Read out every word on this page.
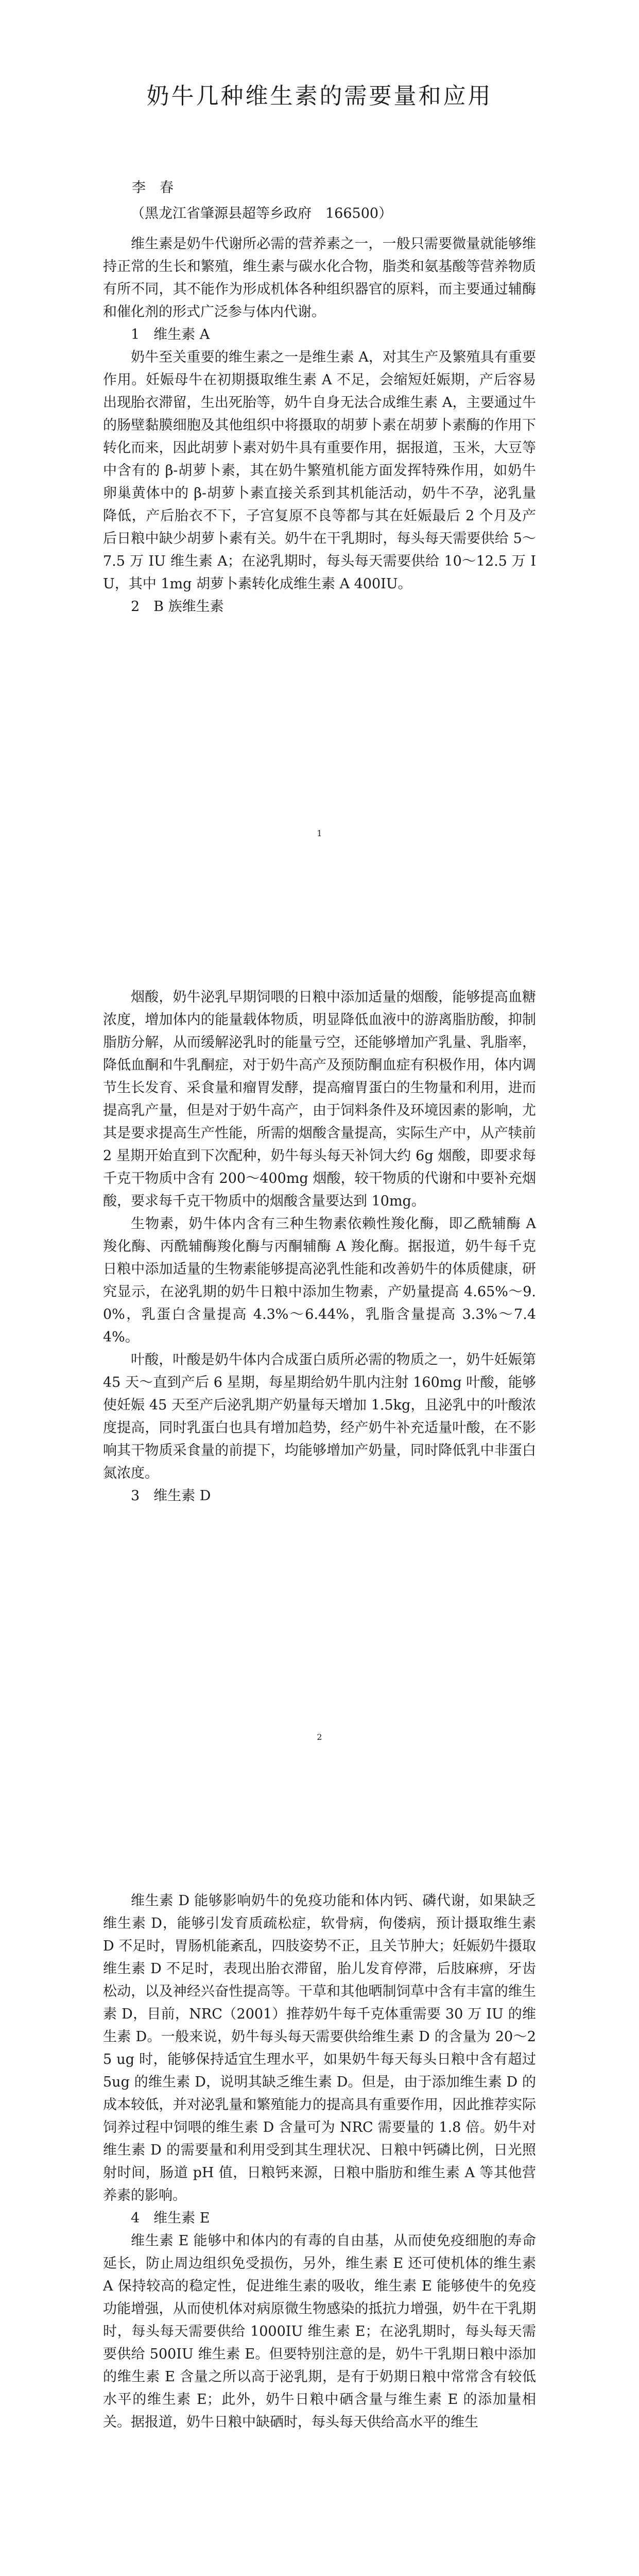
奶牛几种维生素的需要量和应用
李　春
（黑龙江省肇源县超等乡政府　166500）

维生素是奶牛代谢所必需的营养素之一，一般只需要微量就能够维持正常的生长和繁殖，维生素与碳水化合物，脂类和氨基酸等营养物质有所不同，其不能作为形成机体各种组织器官的原料，而主要通过辅酶和催化剂的形式广泛参与体内代谢。

1　维生素 A

奶牛至关重要的维生素之一是维生素 A，对其生产及繁殖具有重要作用。妊娠母牛在初期摄取维生素 A 不足，会缩短妊娠期，产后容易出现胎衣滞留，生出死胎等，奶牛自身无法合成维生素 A，主要通过牛的肠壁黏膜细胞及其他组织中将摄取的胡萝卜素在胡萝卜素酶的作用下转化而来，因此胡萝卜素对奶牛具有重要作用，据报道，玉米，大豆等中含有的 β-胡萝卜素，其在奶牛繁殖机能方面发挥特殊作用，如奶牛卵巢黄体中的 β-胡萝卜素直接关系到其机能活动，奶牛不孕，泌乳量降低，产后胎衣不下，子宫复原不良等都与其在妊娠最后 2 个月及产后日粮中缺少胡萝卜素有关。奶牛在干乳期时，每头每天需要供给 5～7.5 万 IU 维生素 A；在泌乳期时，每头每天需要供给 10～12.5 万 IU，其中 1mg 胡萝卜素转化成维生素 A 400IU。

2　B 族维生素

1

烟酸，奶牛泌乳早期饲喂的日粮中添加适量的烟酸，能够提高血糖浓度，增加体内的能量载体物质，明显降低血液中的游离脂肪酸，抑制脂肪分解，从而缓解泌乳时的能量亏空，还能够增加产乳量、乳脂率，降低血酮和牛乳酮症，对于奶牛高产及预防酮血症有积极作用，体内调节生长发育、采食量和瘤胃发酵，提高瘤胃蛋白的生物量和利用，进而提高乳产量，但是对于奶牛高产，由于饲料条件及环境因素的影响，尤其是要求提高生产性能，所需的烟酸含量提高，实际生产中，从产犊前 2 星期开始直到下次配种，奶牛每头每天补饲大约 6g 烟酸，即要求每千克干物质中含有 200～400mg 烟酸，较干物质的代谢和中要补充烟酸，要求每千克干物质中的烟酸含量要达到 10mg。

生物素，奶牛体内含有三种生物素依赖性羧化酶，即乙酰辅酶 A 羧化酶、丙酰辅酶羧化酶与丙酮辅酶 A 羧化酶。据报道，奶牛每千克日粮中添加适量的生物素能够提高泌乳性能和改善奶牛的体质健康，研究显示，在泌乳期的奶牛日粮中添加生物素，产奶量提高 4.65%～9.0%，乳蛋白含量提高 4.3%～6.44%，乳脂含量提高 3.3%～7.44%。

叶酸，叶酸是奶牛体内合成蛋白质所必需的物质之一，奶牛妊娠第 45 天～直到产后 6 星期，每星期给奶牛肌内注射 160mg 叶酸，能够使妊娠 45 天至产后泌乳期产奶量每天增加 1.5kg，且泌乳中的叶酸浓度提高，同时乳蛋白也具有增加趋势，经产奶牛补充适量叶酸，在不影响其干物质采食量的前提下，均能够增加产奶量，同时降低乳中非蛋白氮浓度。

3　维生素 D

2

维生素 D 能够影响奶牛的免疫功能和体内钙、磷代谢，如果缺乏维生素 D，能够引发育质疏松症，软骨病，佝偻病，预计摄取维生素 D 不足时，胃肠机能紊乱，四肢姿势不正，且关节肿大；妊娠奶牛摄取维生素 D 不足时，表现出胎衣滞留，胎儿发育停滞，后肢麻痹，牙齿松动，以及神经兴奋性提高等。干草和其他晒制饲草中含有丰富的维生素 D，目前，NRC（2001）推荐奶牛每千克体重需要 30 万 IU 的维生素 D。一般来说，奶牛每头每天需要供给维生素 D 的含量为 20～25 ug 时，能够保持适宜生理水平，如果奶牛每天每头日粮中含有超过 5ug 的维生素 D，说明其缺乏维生素 D。但是，由于添加维生素 D 的成本较低，并对泌乳量和繁殖能力的提高具有重要作用，因此推荐实际饲养过程中饲喂的维生素 D 含量可为 NRC 需要量的 1.8 倍。奶牛对维生素 D 的需要量和利用受到其生理状况、日粮中钙磷比例，日光照射时间，肠道 pH 值，日粮钙来源，日粮中脂肪和维生素 A 等其他营养素的影响。

4　维生素 E

维生素 E 能够中和体内的有毒的自由基，从而使免疫细胞的寿命延长，防止周边组织免受损伤，另外，维生素 E 还可使机体的维生素 A 保持较高的稳定性，促进维生素的吸收，维生素 E 能够使牛的免疫功能增强，从而使机体对病原微生物感染的抵抗力增强，奶牛在干乳期时，每头每天需要供给 1000IU 维生素 E；在泌乳期时，每头每天需要供给 500IU 维生素 E。但要特别注意的是，奶牛干乳期日粮中添加的维生素 E 含量之所以高于泌乳期，是有于奶期日粮中常常含有较低水平的维生素 E；此外，奶牛日粮中硒含量与维生素 E 的添加量相关。据报道，奶牛日粮中缺硒时，每头每天供给高水平的维生
